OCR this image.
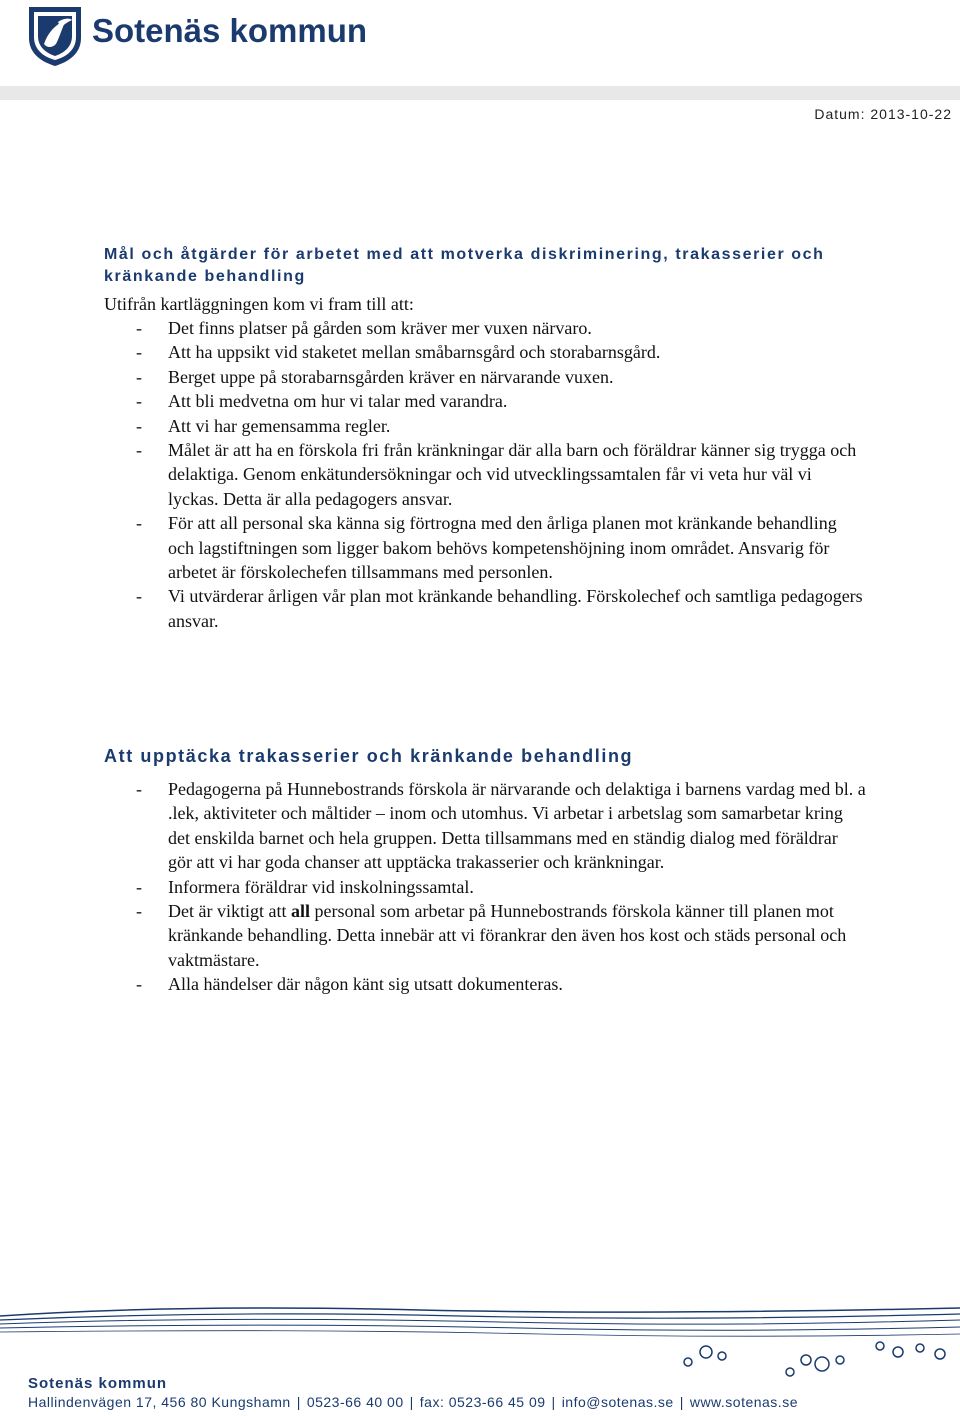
Sotenäs kommun
Datum: 2013-10-22
Mål och åtgärder för arbetet med att motverka diskriminering, trakasserier och kränkande behandling

Utifrån kartläggningen kom vi fram till att:

- Det finns platser på gården som kräver mer vuxen närvaro.
- Att ha uppsikt vid staketet mellan småbarnsgård och storabarnsgård.
- Berget uppe på storabarnsgården kräver en närvarande vuxen.
- Att bli medvetna om hur vi talar med varandra.
- Att vi har gemensamma regler.
- Målet är att ha en förskola fri från kränkningar där alla barn och föräldrar känner sig trygga och delaktiga. Genom enkätundersökningar och vid utvecklingssamtalen får vi veta hur väl vi lyckas. Detta är alla pedagogers ansvar.
- För att all personal ska känna sig förtrogna med den årliga planen mot kränkande behandling och lagstiftningen som ligger bakom behövs kompetenshöjning inom området. Ansvarig för arbetet är förskolechefen tillsammans med personlen.
- Vi utvärderar årligen vår plan mot kränkande behandling. Förskolechef och samtliga pedagogers ansvar.
Att upptäcka trakasserier och kränkande behandling
- Pedagogerna på Hunnebostrands förskola är närvarande och delaktiga i barnens vardag med bl. a .lek, aktiviteter och måltider – inom och utomhus. Vi arbetar i arbetslag som samarbetar kring det enskilda barnet och hela gruppen. Detta tillsammans med en ständig dialog med föräldrar gör att vi har goda chanser att upptäcka trakasserier och kränkningar.
- Informera föräldrar vid inskolningssamtal.
- Det är viktigt att all personal som arbetar på Hunnebostrands förskola känner till planen mot kränkande behandling. Detta innebär att vi förankrar den även hos kost och städs personal och vaktmästare.
- Alla händelser där någon känt sig utsatt dokumenteras.
Sotenäs kommun
Hallindenvägen 17, 456 80 Kungshamn | 0523-66 40 00 | fax: 0523-66 45 09 | info@sotenas.se | www.sotenas.se
